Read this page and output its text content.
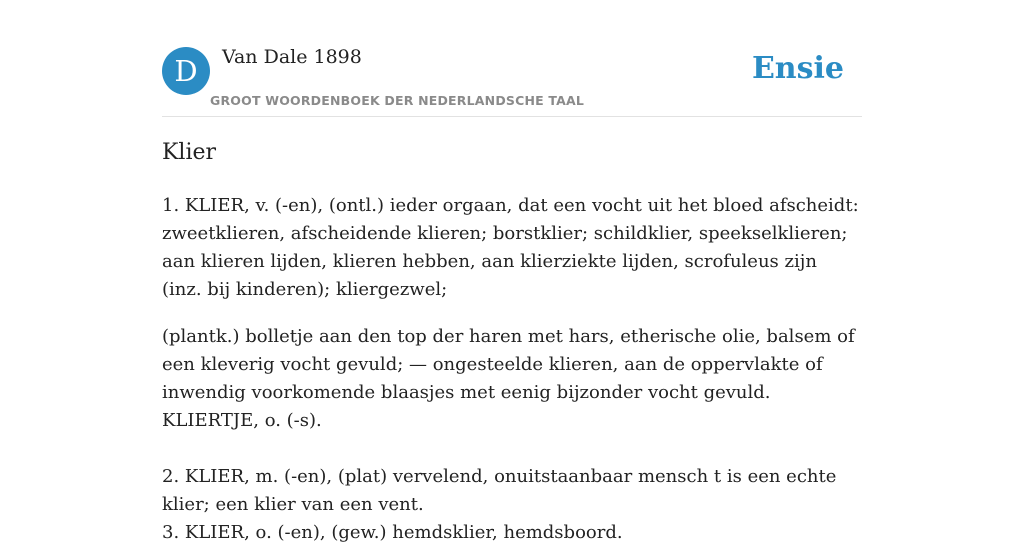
D	Van Dale 1898
GROOT WOORDENBOEK DER NEDERLANDSCHE TAAL
Ensie
Klier

1. KLIER, v. (-en), (ontl.) ieder orgaan, dat een vocht uit het bloed afscheidt: zweetklieren, afscheidende klieren; borstklier; schildklier, speekselklieren; aan klieren lijden, klieren hebben, aan klierziekte lijden, scrofuleus zijn (inz. bij kinderen); kliergezwel;

(plantk.) bolletje aan den top der haren met hars, etherische olie, balsem of een kleverig vocht gevuld; — ongesteelde klieren, aan de oppervlakte of inwendig voorkomende blaasjes met eenig bijzonder vocht gevuld. KLIERTJE, o. (-s).

2. KLIER, m. (-en), (plat) vervelend, onuitstaanbaar mensch t is een echte klier; een klier van een vent.

3. KLIER, o. (-en), (gew.) hemdsklier, hemdsboord.
